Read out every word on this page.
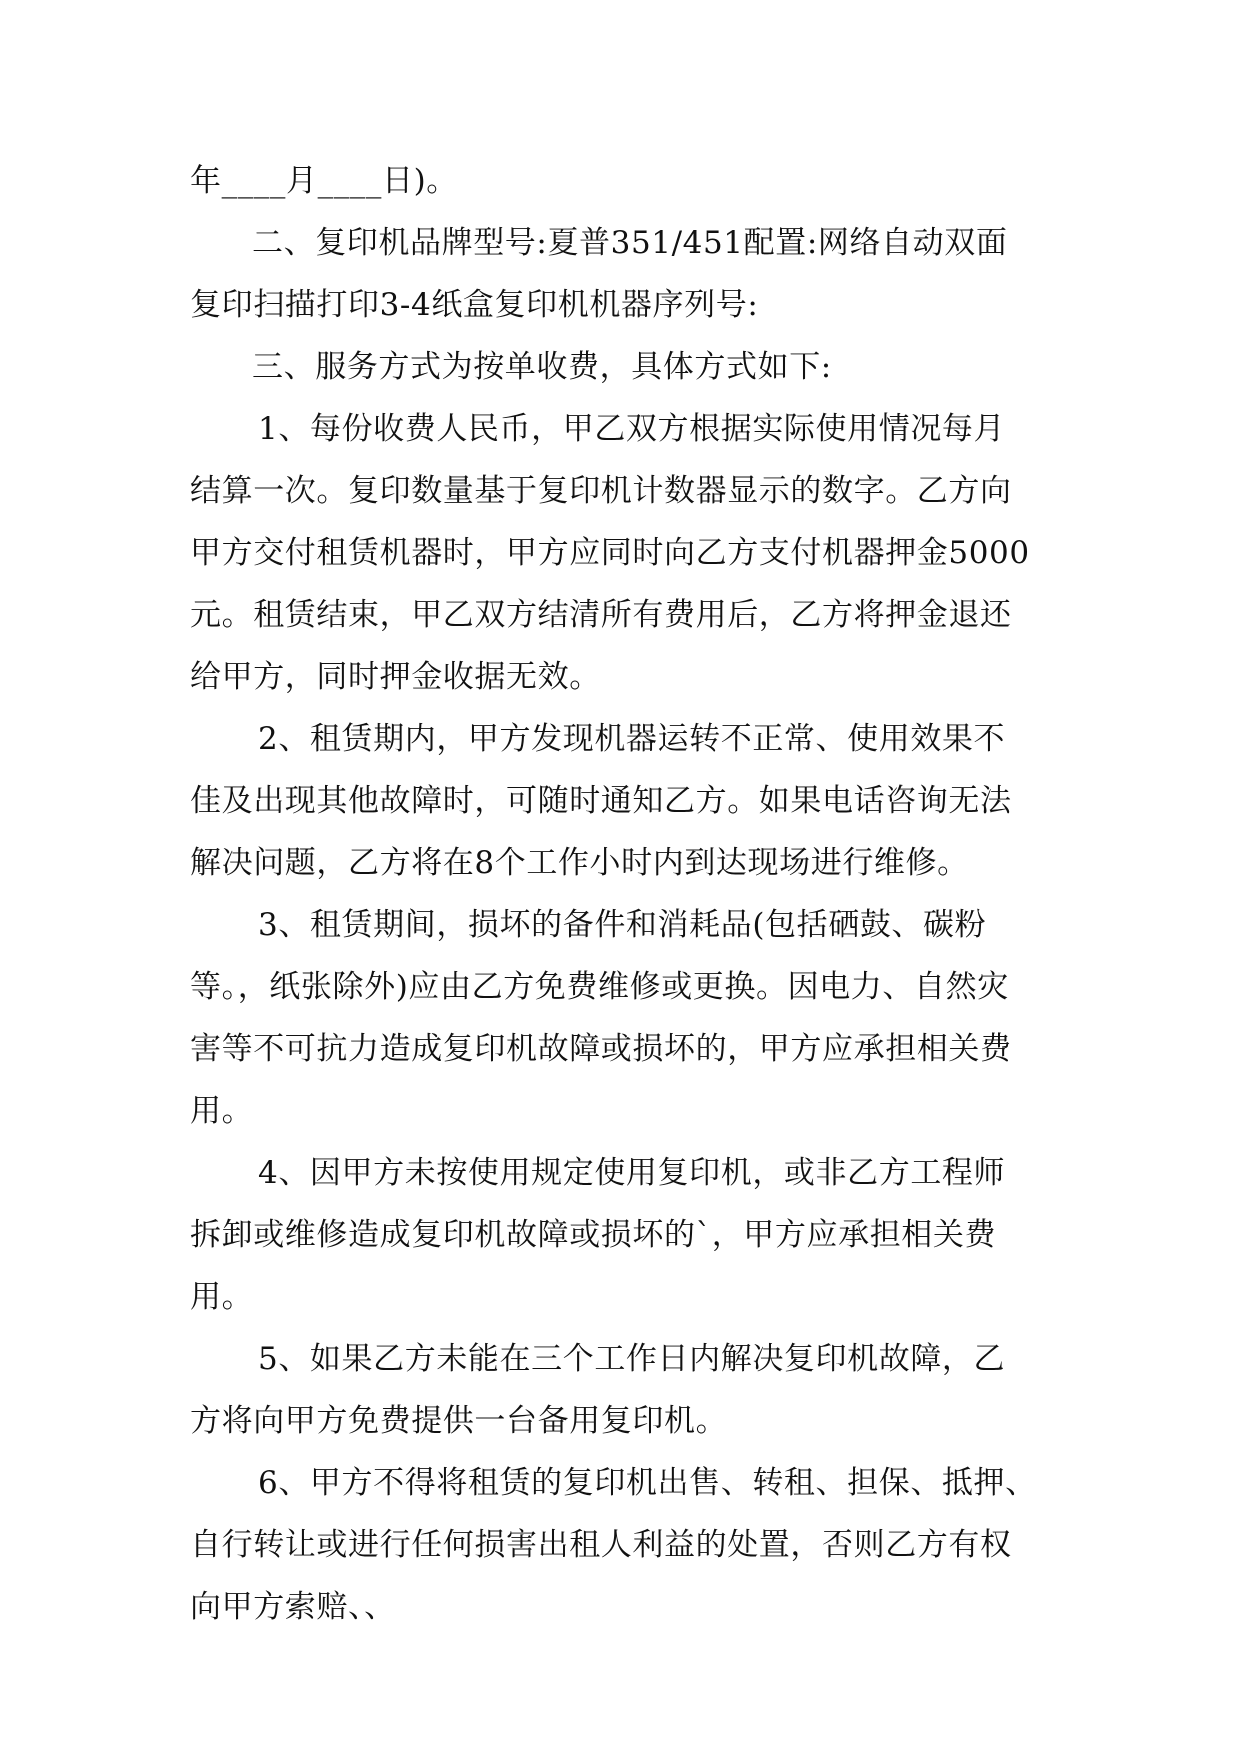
年____月____日)。
二、复印机品牌型号:夏普351/451配置:网络自动双面
复印扫描打印3-4纸盒复印机机器序列号:
三、服务方式为按单收费，具体方式如下:
1、每份收费人民币，甲乙双方根据实际使用情况每月
结算一次。复印数量基于复印机计数器显示的数字。乙方向
甲方交付租赁机器时，甲方应同时向乙方支付机器押金5000
元。租赁结束，甲乙双方结清所有费用后，乙方将押金退还
给甲方，同时押金收据无效。
2、租赁期内，甲方发现机器运转不正常、使用效果不
佳及出现其他故障时，可随时通知乙方。如果电话咨询无法
解决问题，乙方将在8个工作小时内到达现场进行维修。
3、租赁期间，损坏的备件和消耗品(包括硒鼓、碳粉
等。，纸张除外)应由乙方免费维修或更换。因电力、自然灾
害等不可抗力造成复印机故障或损坏的，甲方应承担相关费
用。
4、因甲方未按使用规定使用复印机，或非乙方工程师
拆卸或维修造成复印机故障或损坏的`，甲方应承担相关费
用。
5、如果乙方未能在三个工作日内解决复印机故障，乙
方将向甲方免费提供一台备用复印机。
6、甲方不得将租赁的复印机出售、转租、担保、抵押、
自行转让或进行任何损害出租人利益的处置，否则乙方有权
向甲方索赔、、
